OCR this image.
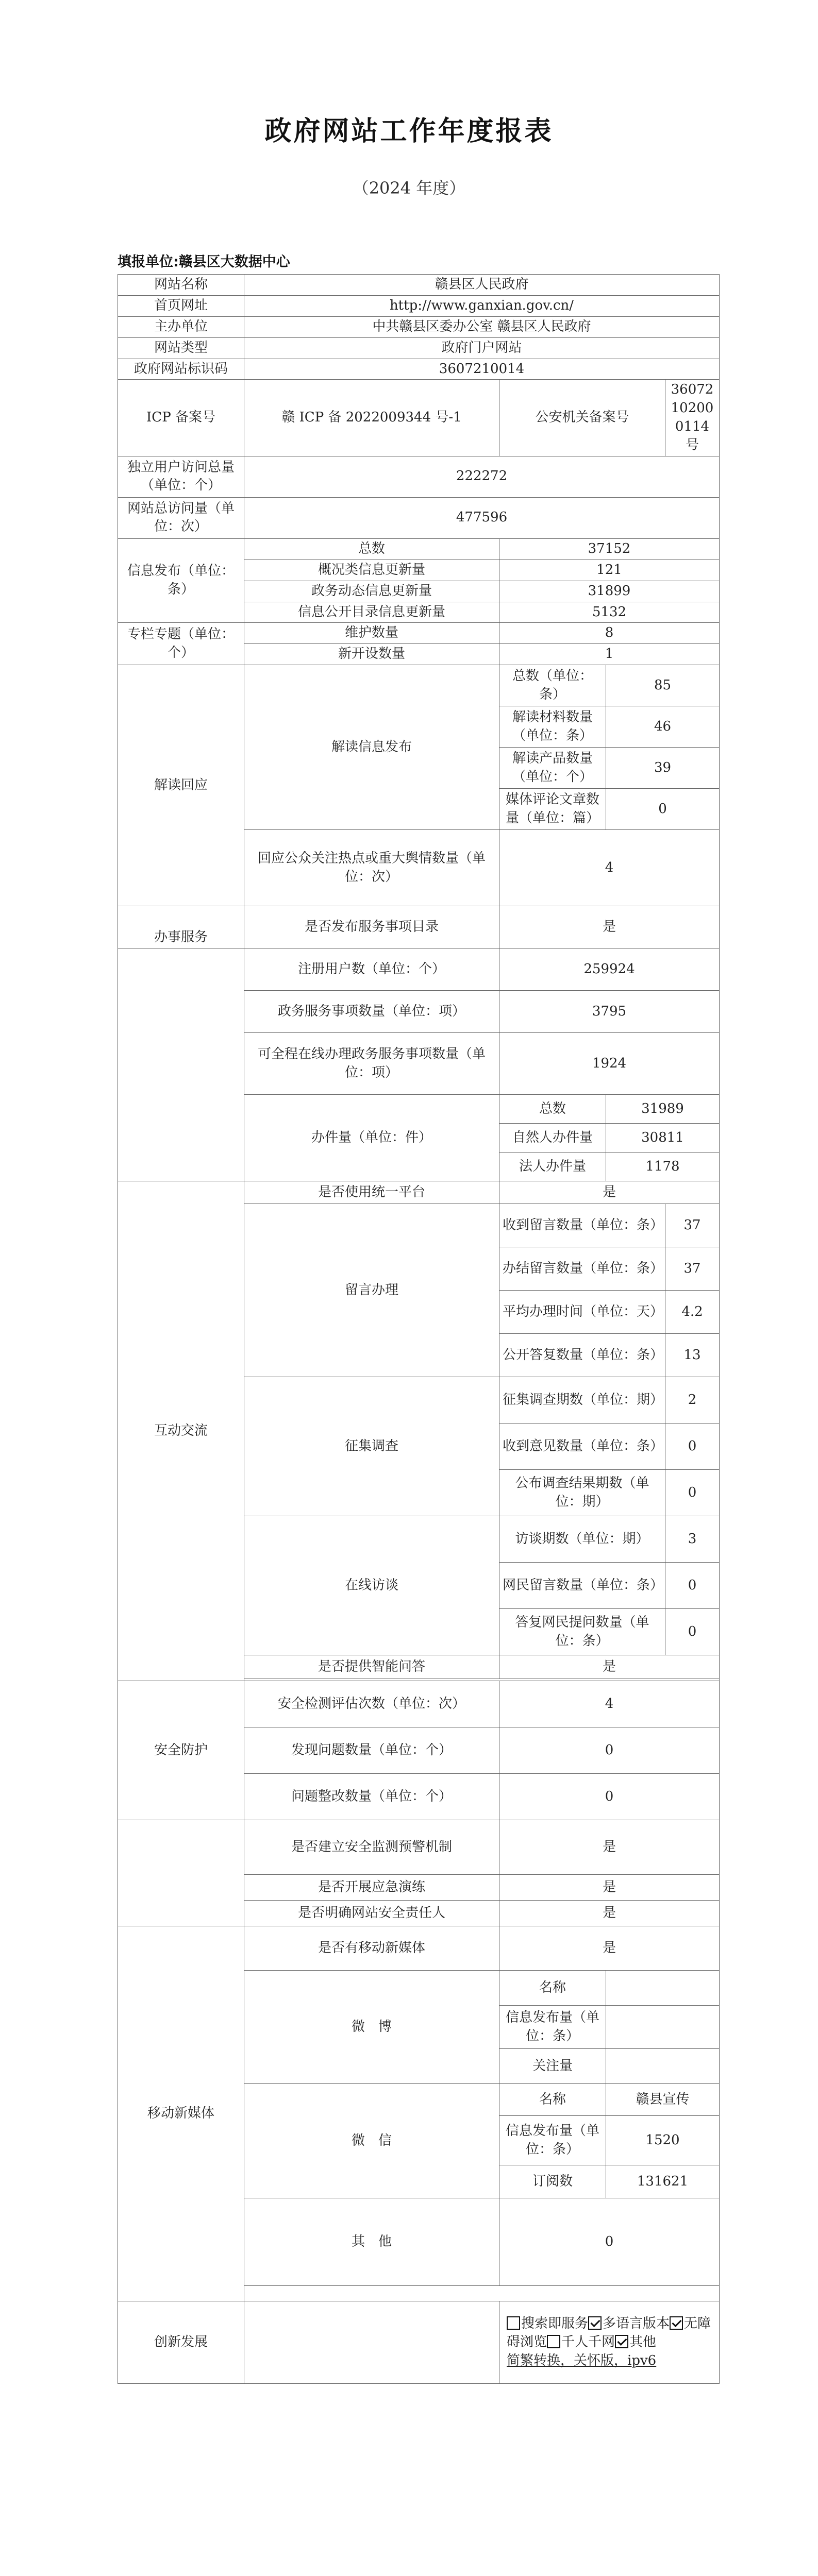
政府网站工作年度报表
（2024 年度）
填报单位:赣县区大数据中心
网站名称	赣县区人民政府			
首页网址	http://www.ganxian.gov.cn/			
主办单位	中共赣县区委办公室 赣县区人民政府			
网站类型	政府门户网站			
政府网站标识码	3607210014			
ICP 备案号	赣 ICP 备 2022009344 号-1	公安机关备案号		36072102000114 号
独立用户访问总量（单位：个）	222272			
网站总访问量（单位：次）	477596			
信息发布（单位：条）	总数	37152		
	概况类信息更新量	121		
	政务动态信息更新量	31899		
	信息公开目录信息更新量	5132		
专栏专题（单位：个）	维护数量	8		
	新开设数量	1		
解读回应	解读信息发布	总数（单位：条）	85	
		解读材料数量（单位：条）	46	
		解读产品数量（单位：个）	39	
		媒体评论文章数量（单位：篇）	0	
	回应公众关注热点或重大舆情数量（单位：次）	4		
办事服务	是否发布服务事项目录	是		
	注册用户数（单位：个）	259924		
	政务服务事项数量（单位：项）	3795		
	可全程在线办理政务服务事项数量（单位：项）	1924		
	办件量（单位：件）	总数	31989	
		自然人办件量	30811	
		法人办件量	1178	
互动交流	是否使用统一平台	是		
	留言办理	收到留言数量（单位：条）		37
		办结留言数量（单位：条）		37
		平均办理时间（单位：天）		4.2
		公开答复数量（单位：条）		13
	征集调查	征集调查期数（单位：期）		2
		收到意见数量（单位：条）		0
		公布调查结果期数（单位：期）		0
	在线访谈	访谈期数（单位：期）		3
		网民留言数量（单位：条）		0
		答复网民提问数量（单位：条）		0
	是否提供智能问答	是		

安全防护	安全检测评估次数（单位：次）	4		
	发现问题数量（单位：个）	0		
	问题整改数量（单位：个）	0		
	是否建立安全监测预警机制	是		
	是否开展应急演练	是		
	是否明确网站安全责任人	是		
移动新媒体	是否有移动新媒体	是		
	微　博	名称		
		信息发布量（单位：条）		
		关注量		
	微　信	名称	赣县宣传	
		信息发布量（单位：条）	1520	
		订阅数	131621	
	其　他	0		

创新发展		搜索即服务 多语言版本 无障碍浏览 千人千网 其他
简繁转换，关怀版，ipv6		
